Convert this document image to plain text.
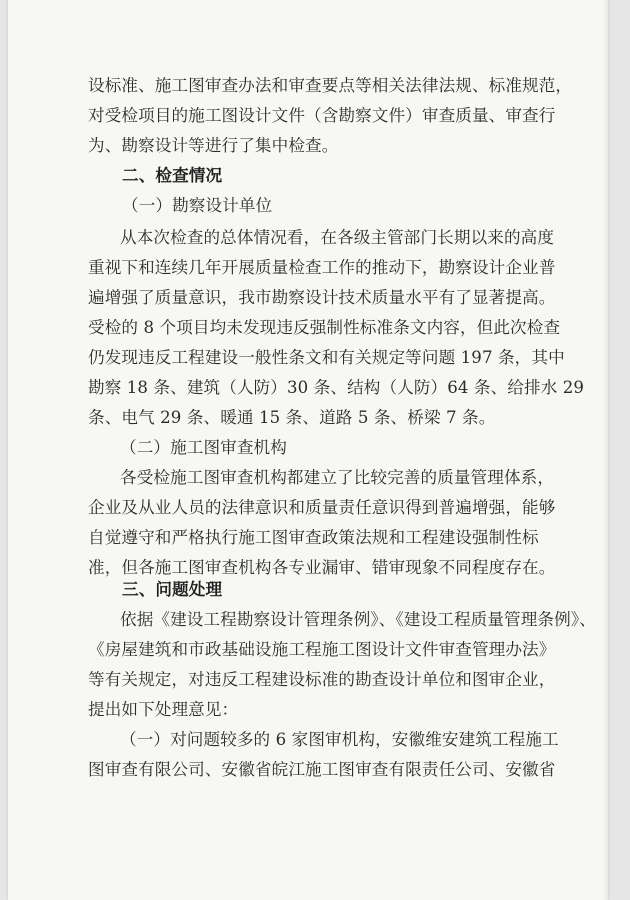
设标准、施工图审查办法和审查要点等相关法律法规、标准规范，
对受检项目的施工图设计文件（含勘察文件）审查质量、审查行
为、勘察设计等进行了集中检查。
二、检查情况
（一）勘察设计单位
从本次检查的总体情况看，在各级主管部门长期以来的高度
重视下和连续几年开展质量检查工作的推动下，勘察设计企业普
遍增强了质量意识，我市勘察设计技术质量水平有了显著提高。
受检的 8 个项目均未发现违反强制性标准条文内容，但此次检查
仍发现违反工程建设一般性条文和有关规定等问题 197 条，其中
勘察 18 条、建筑（人防）30 条、结构（人防）64 条、给排水 29
条、电气 29 条、暖通 15 条、道路 5 条、桥梁 7 条。
（二）施工图审查机构
各受检施工图审查机构都建立了比较完善的质量管理体系，
企业及从业人员的法律意识和质量责任意识得到普遍增强，能够
自觉遵守和严格执行施工图审查政策法规和工程建设强制性标
准，但各施工图审查机构各专业漏审、错审现象不同程度存在。
三、问题处理
依据《建设工程勘察设计管理条例》、《建设工程质量管理条例》、
《房屋建筑和市政基础设施工程施工图设计文件审查管理办法》
等有关规定，对违反工程建设标准的勘查设计单位和图审企业，
提出如下处理意见：
（一）对问题较多的 6 家图审机构，安徽维安建筑工程施工
图审查有限公司、安徽省皖江施工图审查有限责任公司、安徽省
